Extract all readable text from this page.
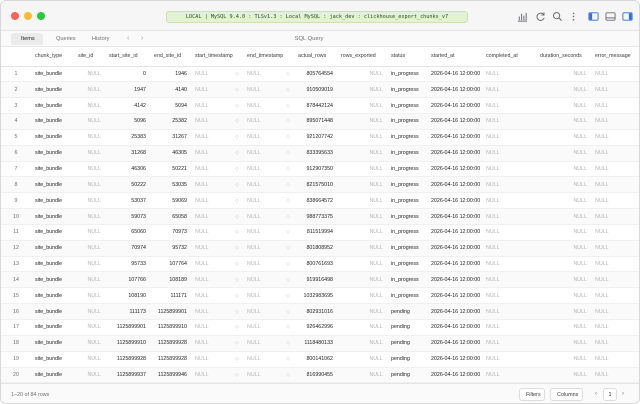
LOCAL | MySQL 9.4.0 : TLSv1.3 : Local MySQL : jack_dev : clickhouse_export_chunks_v7
Items	Queries	History	‹ ›	SQL Query
	chunk_type	site_id	start_site_id	end_site_id	start_timestamp	end_timestamp	actual_rows	rows_exported	status	started_at	completed_at	duration_seconds	error_message
1	site_bundle	NULL	0	1946	NULL ◇	NULL ◇	805764554	NULL	in_progress	2026-04-16 12:00:00	NULL	NULL	NULL
2	site_bundle	NULL	1947	4140	NULL ◇	NULL ◇	910509019	NULL	in_progress	2026-04-16 12:00:00	NULL	NULL	NULL
3	site_bundle	NULL	4142	5094	NULL ◇	NULL ◇	878442124	NULL	in_progress	2026-04-16 12:00:00	NULL	NULL	NULL
4	site_bundle	NULL	5096	25382	NULL ◇	NULL ◇	895071448	NULL	in_progress	2026-04-16 12:00:00	NULL	NULL	NULL
5	site_bundle	NULL	25383	31267	NULL ◇	NULL ◇	921207742	NULL	in_progress	2026-04-16 12:00:00	NULL	NULL	NULL
6	site_bundle	NULL	31268	46305	NULL ◇	NULL ◇	833395633	NULL	in_progress	2026-04-16 12:00:00	NULL	NULL	NULL
7	site_bundle	NULL	46306	50221	NULL ◇	NULL ◇	912907350	NULL	in_progress	2026-04-16 12:00:00	NULL	NULL	NULL
8	site_bundle	NULL	50222	53035	NULL ◇	NULL ◇	821575010	NULL	in_progress	2026-04-16 12:00:00	NULL	NULL	NULL
9	site_bundle	NULL	53037	59069	NULL ◇	NULL ◇	838664572	NULL	in_progress	2026-04-16 12:00:00	NULL	NULL	NULL
10	site_bundle	NULL	59073	65058	NULL ◇	NULL ◇	988773375	NULL	in_progress	2026-04-16 12:00:00	NULL	NULL	NULL
11	site_bundle	NULL	65060	70973	NULL ◇	NULL ◇	811519994	NULL	in_progress	2026-04-16 12:00:00	NULL	NULL	NULL
12	site_bundle	NULL	70974	95732	NULL ◇	NULL ◇	801808952	NULL	in_progress	2026-04-16 12:00:00	NULL	NULL	NULL
13	site_bundle	NULL	95733	107764	NULL ◇	NULL ◇	800761693	NULL	in_progress	2026-04-16 12:00:00	NULL	NULL	NULL
14	site_bundle	NULL	107766	108189	NULL ◇	NULL ◇	919916498	NULL	in_progress	2026-04-16 12:00:00	NULL	NULL	NULL
15	site_bundle	NULL	108190	111171	NULL ◇	NULL ◇	1032983695	NULL	in_progress	2026-04-16 12:00:00	NULL	NULL	NULL
16	site_bundle	NULL	111173	1125899901	NULL ◇	NULL ◇	802931016	NULL	pending	2026-04-16 12:00:00	NULL	NULL	NULL
17	site_bundle	NULL	1125899901	1125899910	NULL ◇	NULL ◇	926462996	NULL	pending	2026-04-16 12:00:00	NULL	NULL	NULL
18	site_bundle	NULL	1125899910	1125899928	NULL ◇	NULL ◇	1118480133	NULL	pending	2026-04-16 12:00:00	NULL	NULL	NULL
19	site_bundle	NULL	1125899928	1125899928	NULL ◇	NULL ◇	800141062	NULL	pending	2026-04-16 12:00:00	NULL	NULL	NULL
20	site_bundle	NULL	1125899937	1125899946	NULL ◇	NULL ◇	816990455	NULL	pending	2026-04-16 12:00:00	NULL	NULL	NULL
1–20 of 84 rows	Filters	Columns	‹	1	›
